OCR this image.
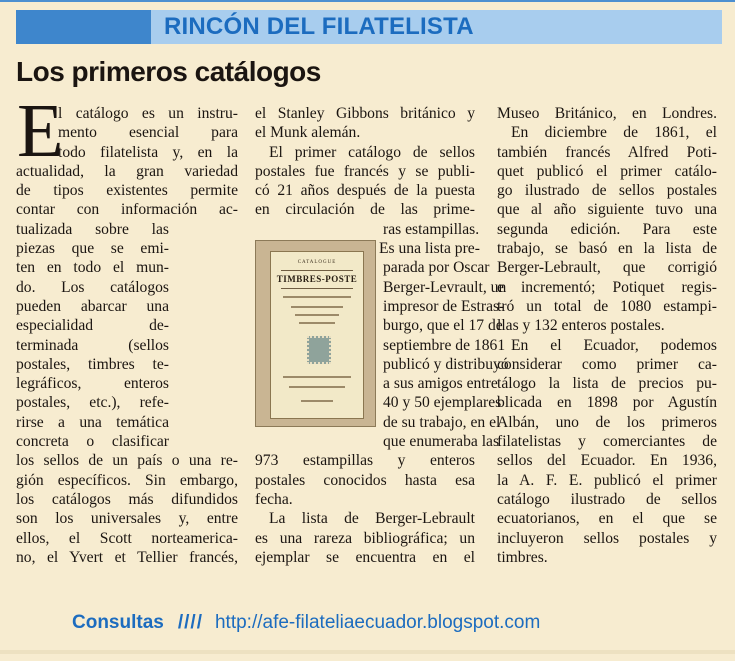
RINCÓN DEL FILATELISTA
Los primeros catálogos
E
l catálogo es un instru-
mento esencial para
todo filatelista y, en la
actualidad, la gran variedad
de tipos existentes permite
contar con información ac-
tualizada sobre las
piezas que se emi-
ten en todo el mun-
do. Los catálogos
pueden abarcar una
especialidad de-
terminada (sellos
postales, timbres te-
legráficos, enteros
postales, etc.), refe-
rirse a una temática
concreta o clasificar
los sellos de un país o una re-
gión específicos. Sin embargo,
los catálogos más difundidos
son los universales y, entre
ellos, el Scott norteamerica-
no, el Yvert et Tellier francés,
el Stanley Gibbons británico y
el Munk alemán.
El primer catálogo de sellos
postales fue francés y se publi-
có 21 años después de la puesta
en circulación de las prime-
ras estampillas.
Es una lista pre-
parada por Oscar
Berger-Levrault, un
impresor de Estras-
burgo, que el 17 de
septiembre de 1861
publicó y distribuyó
a sus amigos entre
40 y 50 ejemplares
de su trabajo, en el
que enumeraba las
973 estampillas y enteros
postales conocidos hasta esa
fecha.
La lista de Berger-Lebrault
es una rareza bibliográfica; un
ejemplar se encuentra en el
Museo Británico, en Londres.
En diciembre de 1861, el
también francés Alfred Poti-
quet publicó el primer catálo-
go ilustrado de sellos postales
que al año siguiente tuvo una
segunda edición. Para este
trabajo, se basó en la lista de
Berger-Lebrault, que corrigió
e incrementó; Potiquet regis-
tró un total de 1080 estampi-
llas y 132 enteros postales.
En el Ecuador, podemos
considerar como primer ca-
tálogo la lista de precios pu-
blicada en 1898 por Agustín
Albán, uno de los primeros
filatelistas y comerciantes de
sellos del Ecuador. En 1936,
la A. F. E. publicó el primer
catálogo ilustrado de sellos
ecuatorianos, en el que se
incluyeron sellos postales y
timbres.
CATALOGUE
TIMBRES-POSTE
Consultas //// http://afe-filateliaecuador.blogspot.com
